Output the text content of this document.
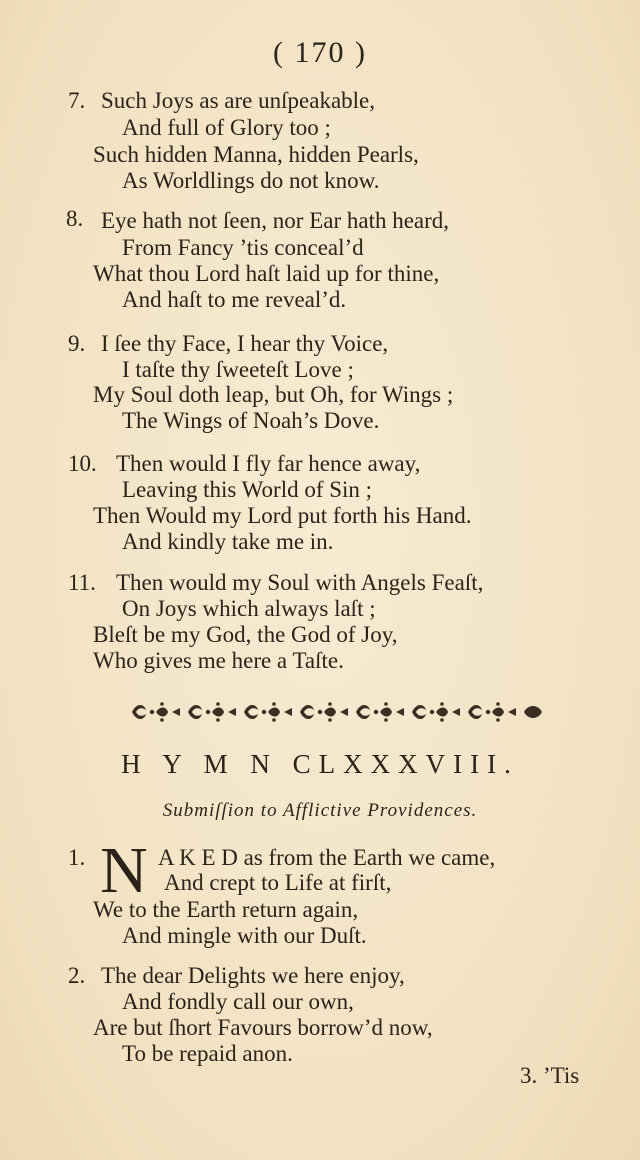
( 170 )
7. Such Joys as are unſpeakable,
And full of Glory too ;
Such hidden Manna, hidden Pearls,
As Worldlings do not know.
8. Eye hath not ſeen, nor Ear hath heard,
From Fancy ’tis conceal’d
What thou Lord haſt laid up for thine,
And haſt to me reveal’d.
9. I ſee thy Face, I hear thy Voice,
I taſte thy ſweeteſt Love ;
My Soul doth leap, but Oh, for Wings ;
The Wings of Noah’s Dove.
10. Then would I fly far hence away,
Leaving this World of Sin ;
Then Would my Lord put forth his Hand.
And kindly take me in.
11. Then would my Soul with Angels Feaſt,
On Joys which always laſt ;
Bleſt be my God, the God of Joy,
Who gives me here a Taſte.
H Y M N CLXXXVIII.
Submiſſion to Afflictive Providences.
1. N A K E D as from the Earth we came,
And crept to Life at firſt,
We to the Earth return again,
And mingle with our Duſt.
2. The dear Delights we here enjoy,
And fondly call our own,
Are but ſhort Favours borrow’d now,
To be repaid anon.
3. ’Tis
